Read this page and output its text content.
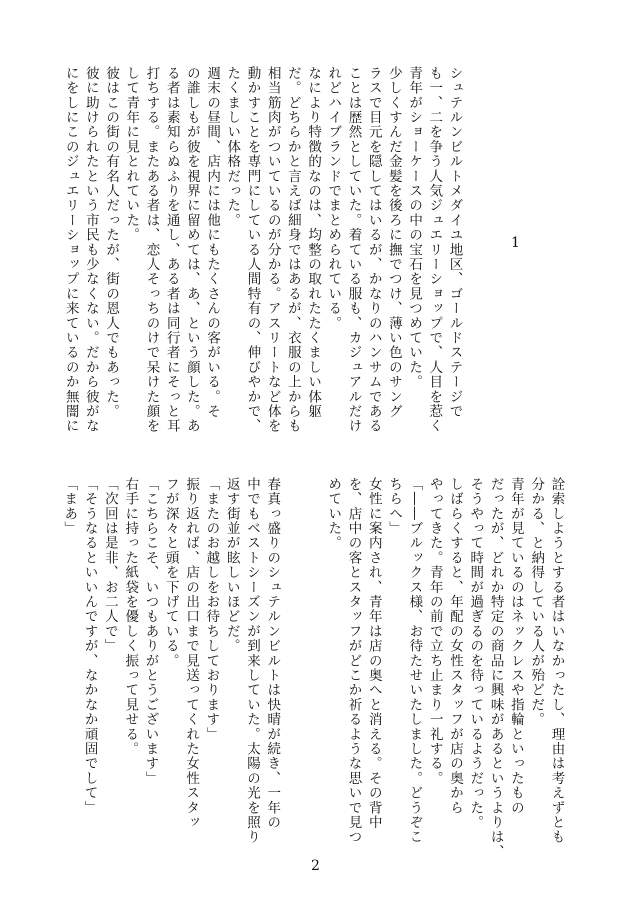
1
シュテルンビルトメダイユ地区、ゴールドステージで
も一、二を争う人気ジュエリーショップで、人目を惹く
青年がショーケースの中の宝石を見つめていた。
少しくすんだ金髪を後ろに撫でつけ、薄い色のサング
ラスで目元を隠してはいるが、かなりのハンサムである
ことは歴然としていた。着ている服も、カジュアルだけ
れどハイブランドでまとめられている。
なにより特徴的なのは、均整の取れたたくましい体躯
だ。どちらかと言えば細身ではあるが、衣服の上からも
相当筋肉がついているのが分かる。アスリートなど体を
動かすことを専門にしている人間特有の、伸びやかで、
たくましい体格だった。
週末の昼間、店内には他にもたくさんの客がいる。そ
の誰しもが彼を視界に留めては、あ、という顔した。あ
る者は素知らぬふりを通し、ある者は同行者にそっと耳
打ちする。またある者は、恋人そっちのけで呆けた顔を
して青年に見とれていた。
彼はこの街の有名人だったが、街の恩人でもあった。
彼に助けられたという市民も少なくない。だから彼がな
にをしにこのジュエリーショップに来ているのか無闇に
詮索しようとする者はいなかったし、理由は考えずとも
分かる、と納得している人が殆どだ。
青年が見ているのはネックレスや指輪といったもの
だったが、どれか特定の商品に興味があるというよりは、
そうやって時間が過ぎるのを待っているようだった。
しばらくすると、年配の女性スタッフが店の奥から
やってきた。青年の前で立ち止まり一礼する。
「――ブルックス様、お待たせいたしました。どうぞこ
ちらへ」
女性に案内され、青年は店の奥へと消える。その背中
を、店中の客とスタッフがどこか祈るような思いで見つ
めていた。
春真っ盛りのシュテルンビルトは快晴が続き、一年の
中でもベストシーズンが到来していた。太陽の光を照り
返す街並が眩しいほどだ。
「またのお越しをお待ちしております」
振り返れば、店の出口まで見送ってくれた女性スタッ
フが深々と頭を下げている。
「こちらこそ、いつもありがとうございます」
右手に持った紙袋を優しく振って見せる。
「次回は是非、お二人で」
「そうなるといいんですが、なかなか頑固でして」
「まあ」
2
